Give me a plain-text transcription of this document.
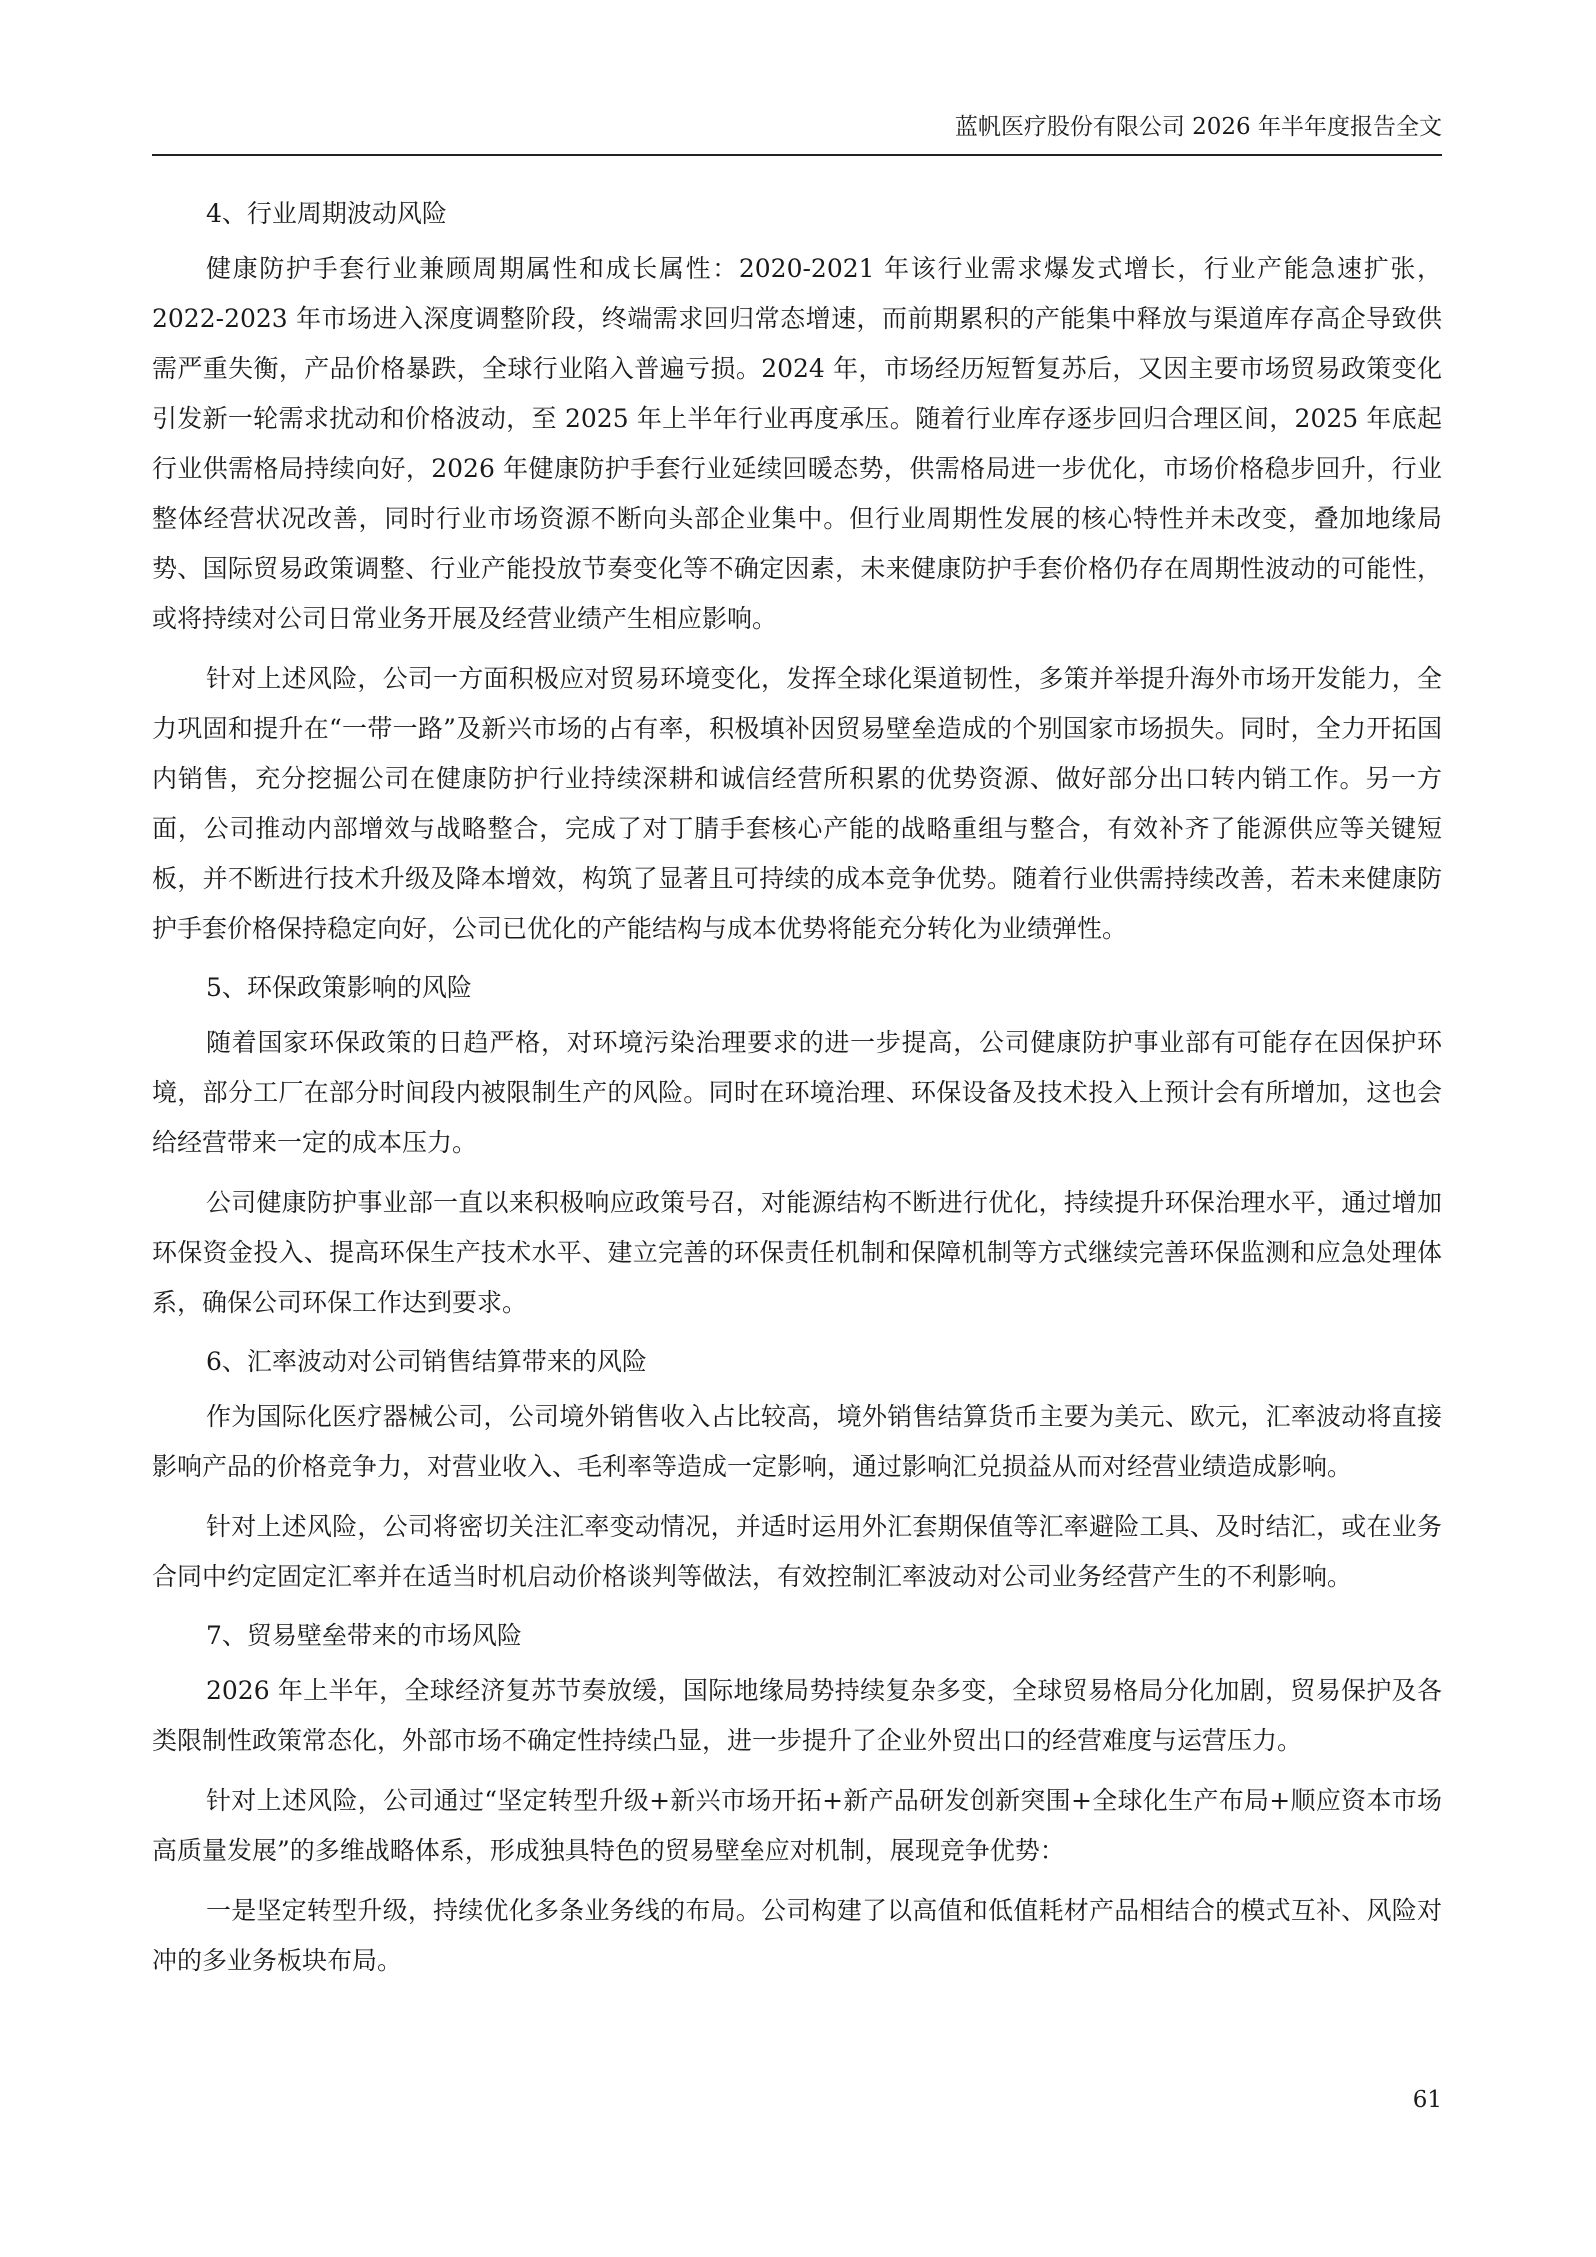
蓝帆医疗股份有限公司 2026 年半年度报告全文
4、行业周期波动风险

健康防护手套行业兼顾周期属性和成长属性：2020-2021 年该行业需求爆发式增长，行业产能急速扩张，2022-2023 年市场进入深度调整阶段，终端需求回归常态增速，而前期累积的产能集中释放与渠道库存高企导致供需严重失衡，产品价格暴跌，全球行业陷入普遍亏损。2024 年，市场经历短暂复苏后，又因主要市场贸易政策变化引发新一轮需求扰动和价格波动，至 2025 年上半年行业再度承压。随着行业库存逐步回归合理区间，2025 年底起行业供需格局持续向好，2026 年健康防护手套行业延续回暖态势，供需格局进一步优化，市场价格稳步回升，行业整体经营状况改善，同时行业市场资源不断向头部企业集中。但行业周期性发展的核心特性并未改变，叠加地缘局势、国际贸易政策调整、行业产能投放节奏变化等不确定因素，未来健康防护手套价格仍存在周期性波动的可能性，或将持续对公司日常业务开展及经营业绩产生相应影响。

针对上述风险，公司一方面积极应对贸易环境变化，发挥全球化渠道韧性，多策并举提升海外市场开发能力，全力巩固和提升在“一带一路”及新兴市场的占有率，积极填补因贸易壁垒造成的个别国家市场损失。同时，全力开拓国内销售，充分挖掘公司在健康防护行业持续深耕和诚信经营所积累的优势资源、做好部分出口转内销工作。另一方面，公司推动内部增效与战略整合，完成了对丁腈手套核心产能的战略重组与整合，有效补齐了能源供应等关键短板，并不断进行技术升级及降本增效，构筑了显著且可持续的成本竞争优势。随着行业供需持续改善，若未来健康防护手套价格保持稳定向好，公司已优化的产能结构与成本优势将能充分转化为业绩弹性。

5、环保政策影响的风险

随着国家环保政策的日趋严格，对环境污染治理要求的进一步提高，公司健康防护事业部有可能存在因保护环境，部分工厂在部分时间段内被限制生产的风险。同时在环境治理、环保设备及技术投入上预计会有所增加，这也会给经营带来一定的成本压力。

公司健康防护事业部一直以来积极响应政策号召，对能源结构不断进行优化，持续提升环保治理水平，通过增加环保资金投入、提高环保生产技术水平、建立完善的环保责任机制和保障机制等方式继续完善环保监测和应急处理体系，确保公司环保工作达到要求。

6、汇率波动对公司销售结算带来的风险

作为国际化医疗器械公司，公司境外销售收入占比较高，境外销售结算货币主要为美元、欧元，汇率波动将直接影响产品的价格竞争力，对营业收入、毛利率等造成一定影响，通过影响汇兑损益从而对经营业绩造成影响。

针对上述风险，公司将密切关注汇率变动情况，并适时运用外汇套期保值等汇率避险工具、及时结汇，或在业务合同中约定固定汇率并在适当时机启动价格谈判等做法，有效控制汇率波动对公司业务经营产生的不利影响。

7、贸易壁垒带来的市场风险

2026 年上半年，全球经济复苏节奏放缓，国际地缘局势持续复杂多变，全球贸易格局分化加剧，贸易保护及各类限制性政策常态化，外部市场不确定性持续凸显，进一步提升了企业外贸出口的经营难度与运营压力。

针对上述风险，公司通过“坚定转型升级+新兴市场开拓+新产品研发创新突围+全球化生产布局+顺应资本市场高质量发展”的多维战略体系，形成独具特色的贸易壁垒应对机制，展现竞争优势：

一是坚定转型升级，持续优化多条业务线的布局。公司构建了以高值和低值耗材产品相结合的模式互补、风险对冲的多业务板块布局。

61
